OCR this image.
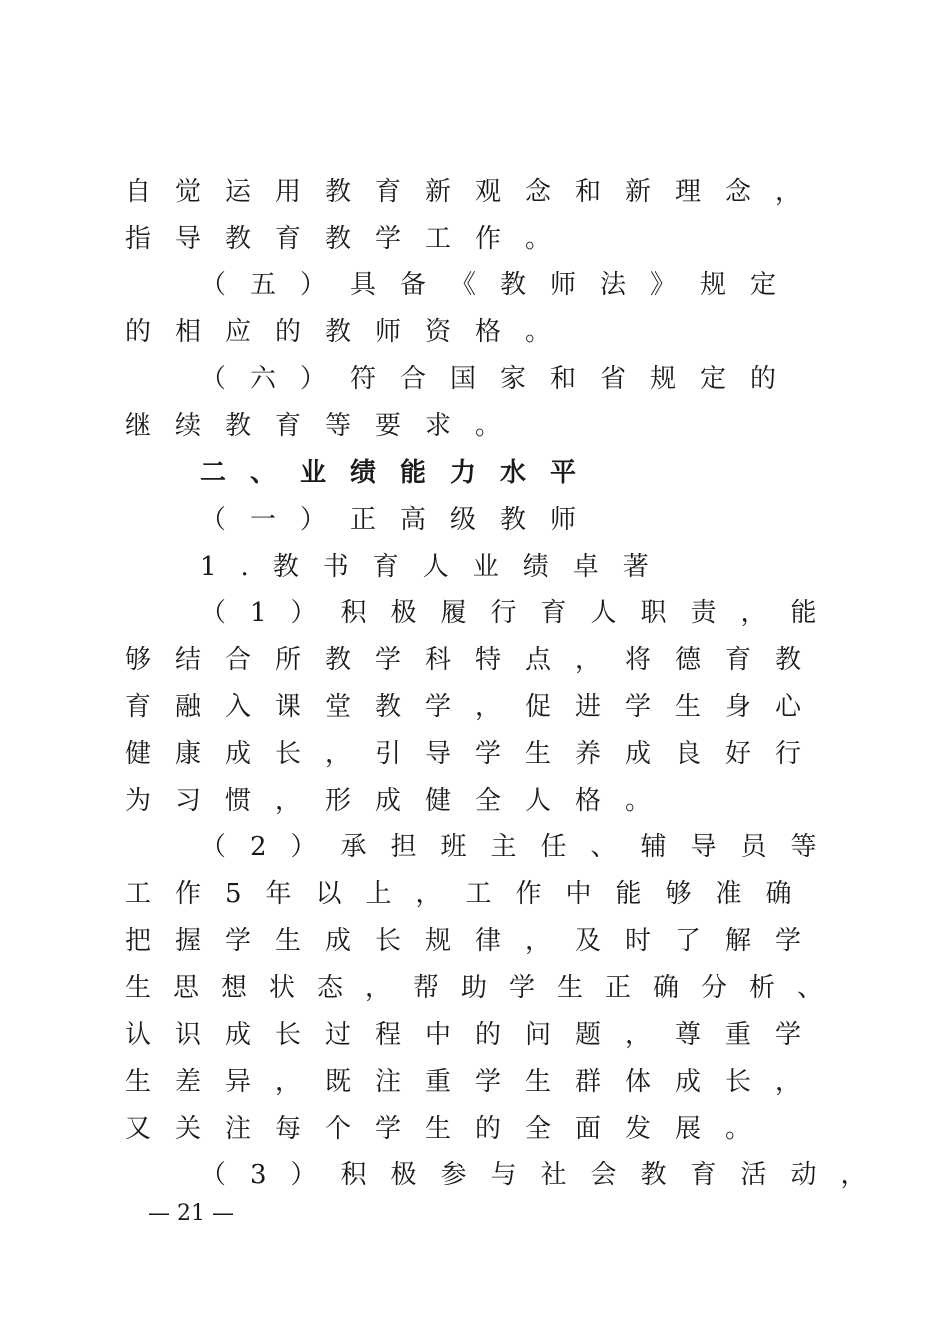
自觉运用教育新观念和新理念，
指导教育教学工作。
（五）具备《教师法》规定
的相应的教师资格。
（六）符合国家和省规定的
继续教育等要求。
二、业绩能力水平
（一）正高级教师
1.教书育人业绩卓著
（1）积极履行育人职责，能
够结合所教学科特点，将德育教
育融入课堂教学，促进学生身心
健康成长，引导学生养成良好行
为习惯，形成健全人格。
（2）承担班主任、辅导员等
工作5年以上，工作中能够准确
把握学生成长规律，及时了解学
生思想状态，帮助学生正确分析、
认识成长过程中的问题，尊重学
生差异，既注重学生群体成长，
又关注每个学生的全面发展。
（3）积极参与社会教育活动，
— 21 —
